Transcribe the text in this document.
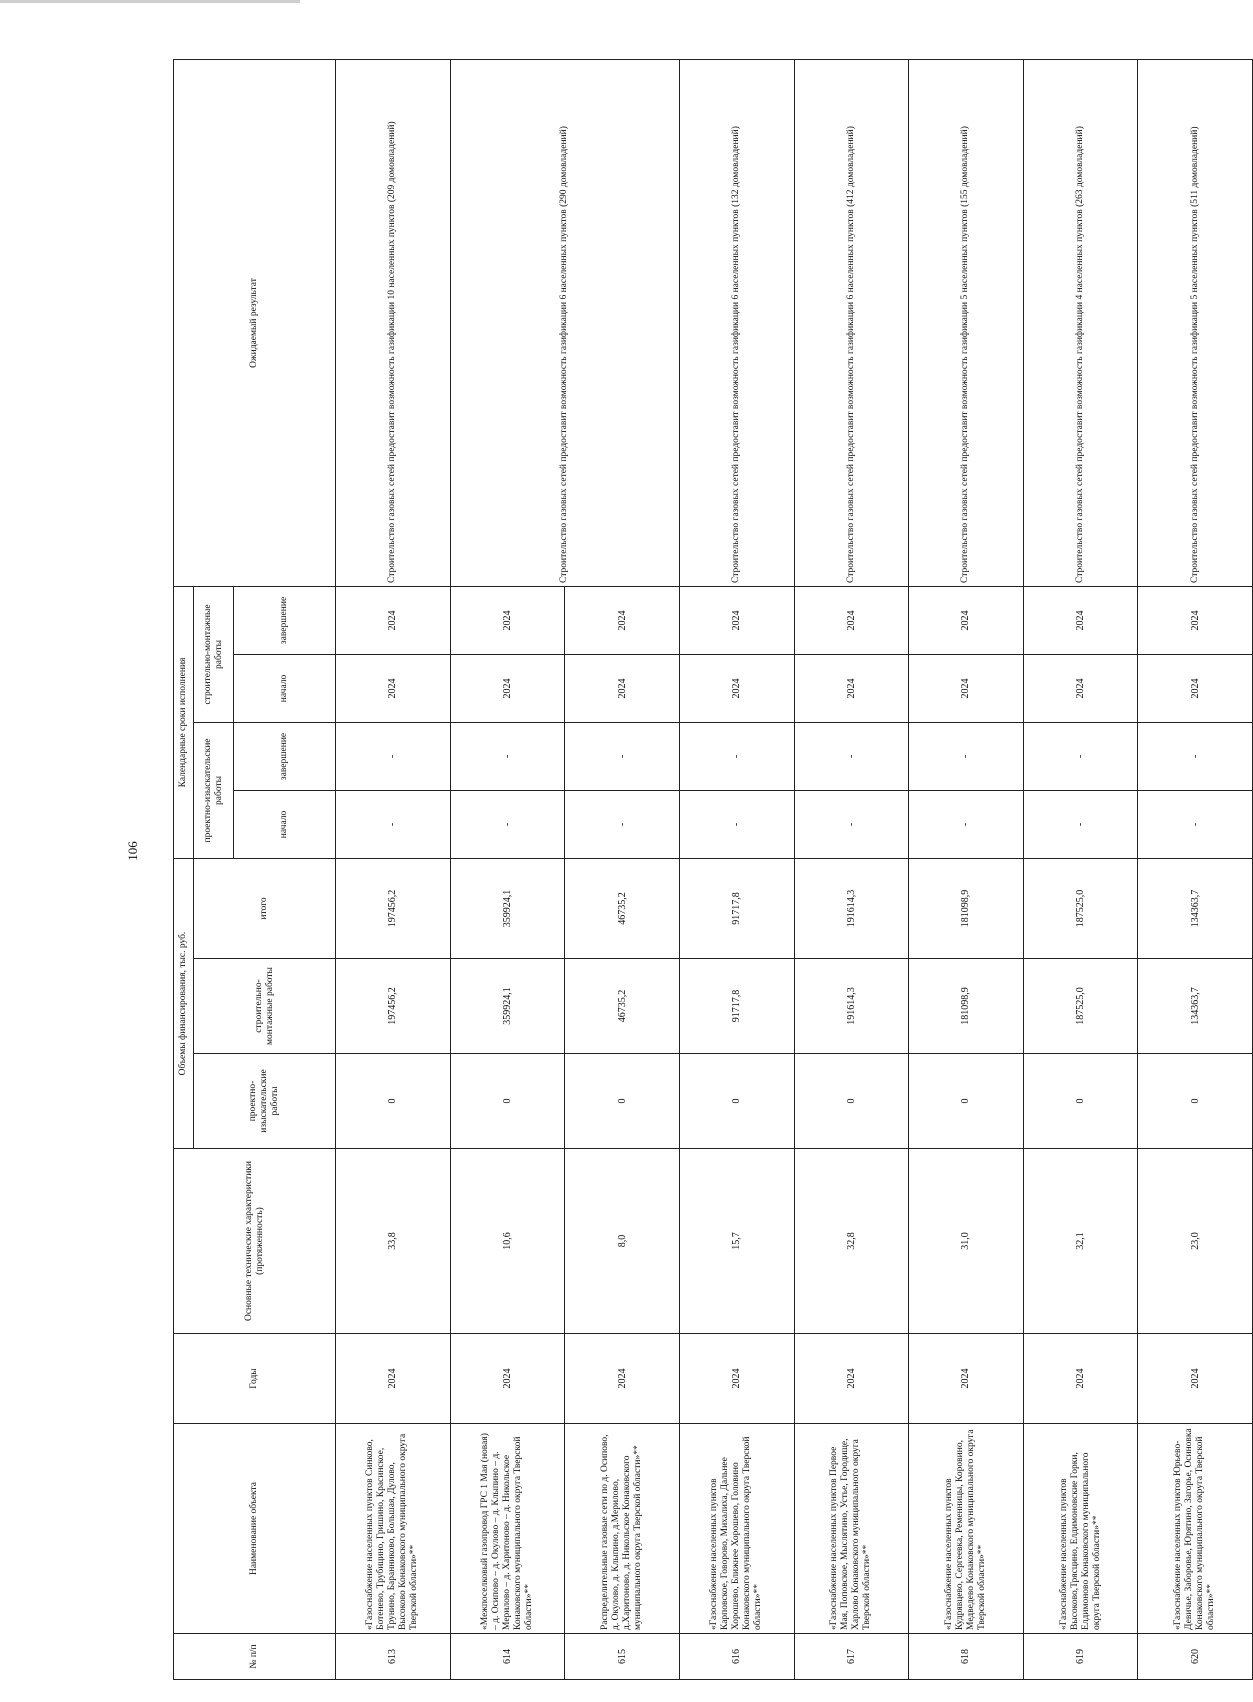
106
№ п/п	Наименование объекта	Годы	Основные технические характеристики (протяженность)	Объемы финансирования, тыс. руб.			Календарные сроки исполнения				Ожидаемый результат
				проектно-изыскательские работы	строительно-монтажные работы	итого	проектно-изыскательские работы		строительно-монтажные работы		
							начало	завершение	начало	завершение	
613	«Газоснабжение населенных пунктов Синково, Ботенево, Трубицино, Гришино, Красинское, Трунино, Баранниково, Большая, Дулово, Высоково Конаковского муниципального округа Тверской области»**	2024	33,8	0	197456,2	197456,2	-	-	2024	2024	Строительство газовых сетей предоставит возможность газификации 10 населенных пунктов (209 домовладений)
614	«Межпоселковый газопровод ГРС 1 Мая (новая) – д. Осипово – д. Окулово – д. Клыпино – д. Мерилово – д. Харитоново – д. Никольское Конаковского муниципального округа Тверской области»**	2024	10,6	0	359924,1	359924,1	-	-	2024	2024	Строительство газовых сетей предоставит возможность газификации 6 населенных пунктов (290 домовладений)
615	Распределительные газовые сети по д. Осипово, д. Окулово, д. Клыпино, д.Мерилово, д.Харитоново, д. Никольское Конаковского муниципального округа Тверской области»**	2024	8,0	0	46735,2	46735,2	-	-	2024	2024	
616	«Газоснабжение населенных пунктов Карповское, Говорово, Михалиха, Дальнее Хорошево, Ближнее Хорошево, Головино Конаковского муниципального округа Тверской области»**	2024	15,7	0	91717,8	91717,8	-	-	2024	2024	Строительство газовых сетей предоставит возможность газификации 6 населенных пунктов (132 домовладений)
617	«Газоснабжение населенных пунктов Первое Мая, Поповское, Мыслятино, Устье, Городище, Харлово Конаковского муниципального округа Тверской области»**	2024	32,8	0	191614,3	191614,3	-	-	2024	2024	Строительство газовых сетей предоставит возможность газификации 6 населенных пунктов (412 домовладений)
618	«Газоснабжение населенных пунктов Кудрявцево, Сергеевка, Ременницы, Коровино, Медведево Конаковского муниципального округа Тверской области»**	2024	31,0	0	181098,9	181098,9	-	-	2024	2024	Строительство газовых сетей предоставит возможность газификации 5 населенных пунктов (155 домовладений)
619	«Газоснабжение населенных пунктов Высоково,Трясцино, Елдимоновские Горки, Елдимоново Конаковского муниципального округа Тверской области»**	2024	32,1	0	187525,0	187525,0	-	-	2024	2024	Строительство газовых сетей предоставит возможность газификации 4 населенных пунктов (263 домовладений)
620	«Газоснабжение населенных пунктов Юрьево-Девичье, Заборовье, Юрятино, Загорье, Осиновка Конаковского муниципального округа Тверской области»**	2024	23,0	0	134363,7	134363,7	-	-	2024	2024	Строительство газовых сетей предоставит возможность газификации 5 населенных пунктов (511 домовладений)
